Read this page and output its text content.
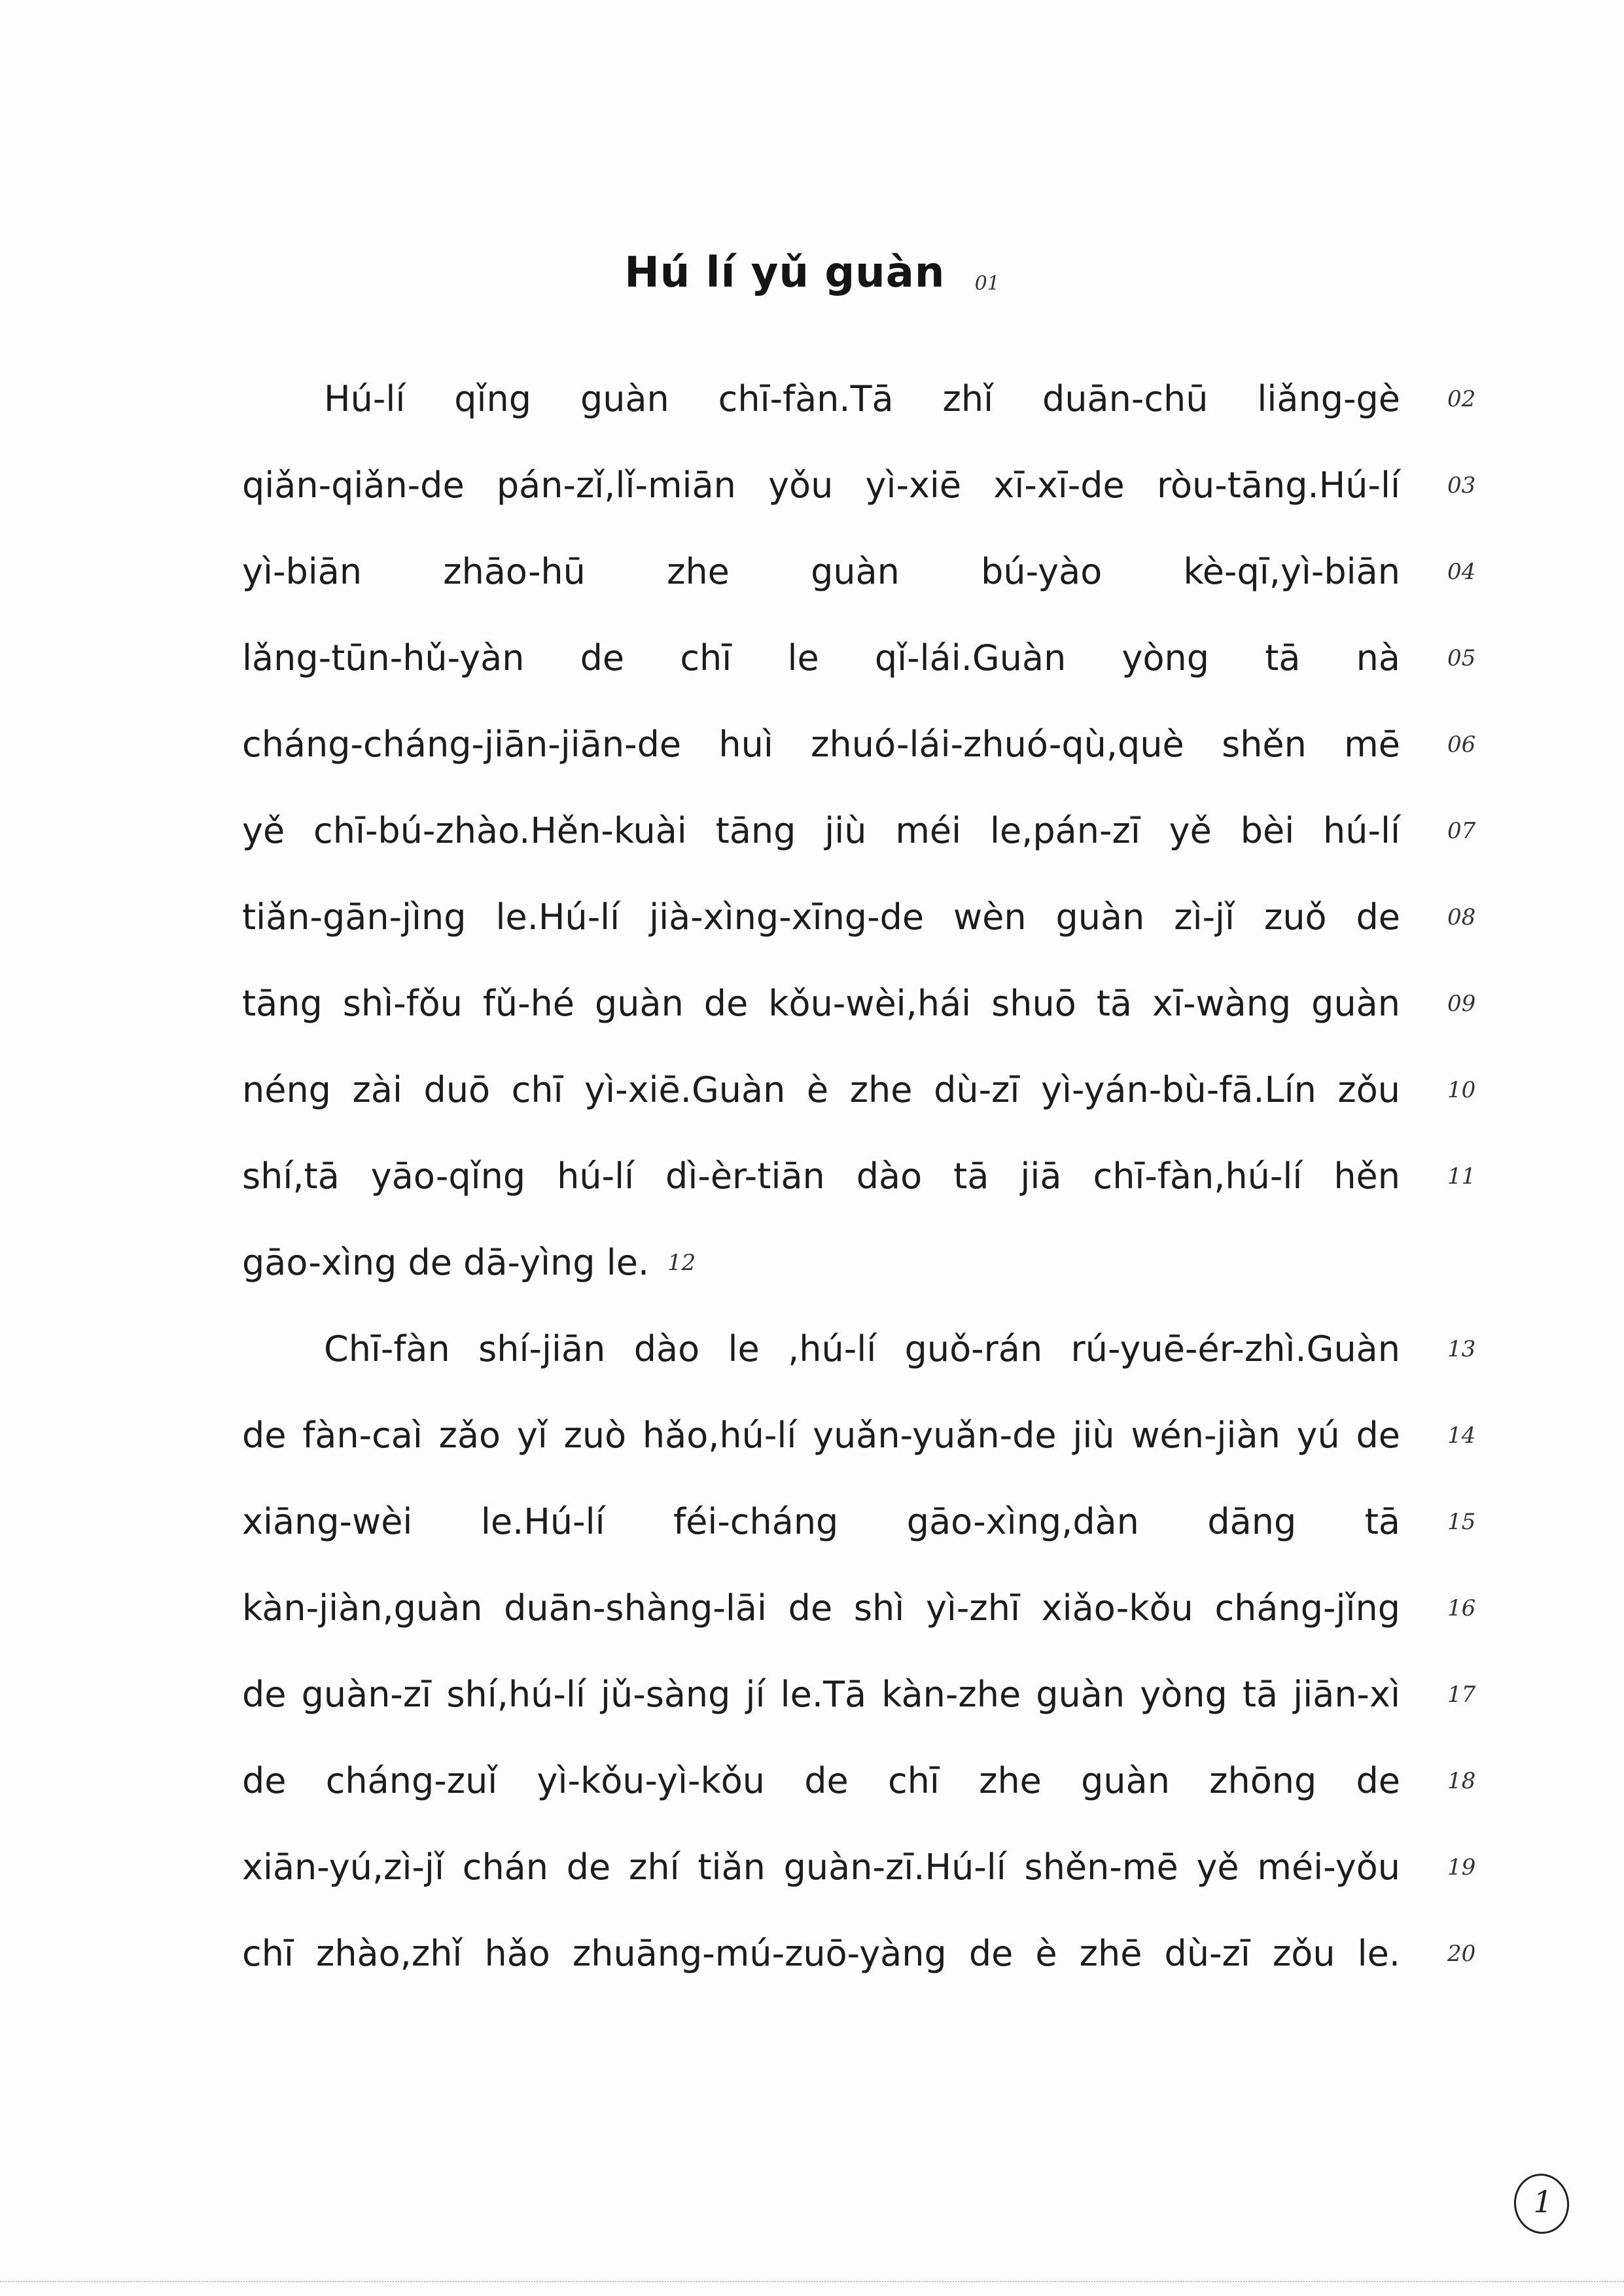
Hú lí yǔ guàn 01
Hú-lí qǐng guàn chī-fàn.Tā zhǐ duān-chū liǎng-gè 02
qiǎn-qiǎn-de pán-zǐ,lǐ-miān yǒu yì-xiē xī-xī-de ròu-tāng.Hú-lí 03
yì-biān zhāo-hū zhe guàn bú-yào kè-qī,yì-biān 04
lǎng-tūn-hǔ-yàn de chī le qǐ-lái.Guàn yòng tā nà 05
cháng-cháng-jiān-jiān-de huì zhuó-lái-zhuó-qù,què shěn mē 06
yě chī-bú-zhào.Hěn-kuài tāng jiù méi le,pán-zī yě bèi hú-lí 07
tiǎn-gān-jìng le.Hú-lí jià-xìng-xīng-de wèn guàn zì-jǐ zuǒ de 08
tāng shì-fǒu fǔ-hé guàn de kǒu-wèi,hái shuō tā xī-wàng guàn 09
néng zài duō chī yì-xiē.Guàn è zhe dù-zī yì-yán-bù-fā.Lín zǒu 10
shí,tā yāo-qǐng hú-lí dì-èr-tiān dào tā jiā chī-fàn,hú-lí hěn 11
gāo-xìng de dā-yìng le. 12
Chī-fàn shí-jiān dào le ,hú-lí guǒ-rán rú-yuē-ér-zhì.Guàn 13
de fàn-caì zǎo yǐ zuò hǎo,hú-lí yuǎn-yuǎn-de jiù wén-jiàn yú de 14
xiāng-wèi le.Hú-lí féi-cháng gāo-xìng,dàn dāng tā 15
kàn-jiàn,guàn duān-shàng-lāi de shì yì-zhī xiǎo-kǒu cháng-jǐng 16
de guàn-zī shí,hú-lí jǔ-sàng jí le.Tā kàn-zhe guàn yòng tā jiān-xì 17
de cháng-zuǐ yì-kǒu-yì-kǒu de chī zhe guàn zhōng de 18
xiān-yú,zì-jǐ chán de zhí tiǎn guàn-zī.Hú-lí shěn-mē yě méi-yǒu 19
chī zhào,zhǐ hǎo zhuāng-mú-zuō-yàng de è zhē dù-zī zǒu le. 20
1
